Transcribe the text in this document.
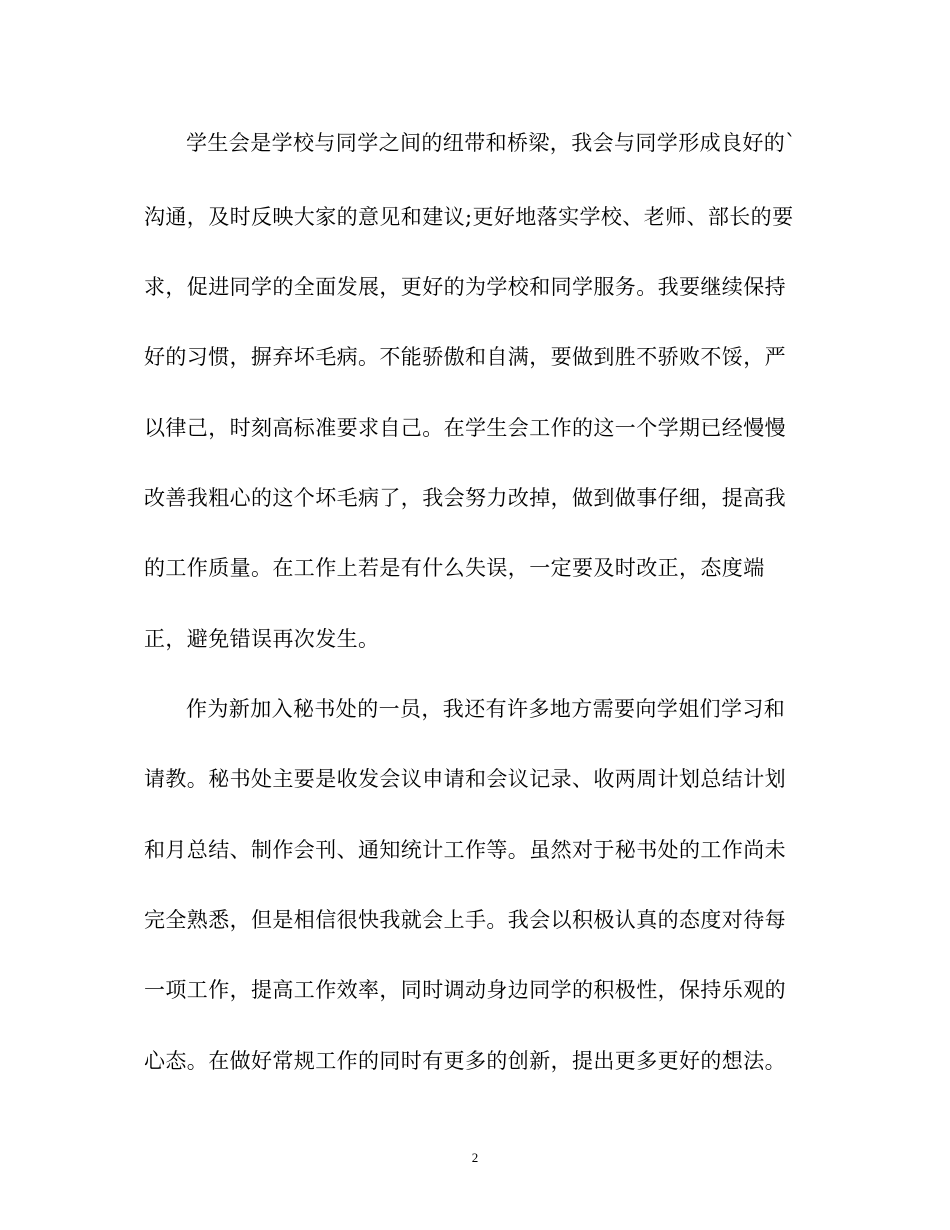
学生会是学校与同学之间的纽带和桥梁，我会与同学形成良好的`
沟通，及时反映大家的意见和建议;更好地落实学校、老师、部长的要
求，促进同学的全面发展，更好的为学校和同学服务。我要继续保持
好的习惯，摒弃坏毛病。不能骄傲和自满，要做到胜不骄败不馁，严
以律己，时刻高标准要求自己。在学生会工作的这一个学期已经慢慢
改善我粗心的这个坏毛病了，我会努力改掉，做到做事仔细，提高我
的工作质量。在工作上若是有什么失误，一定要及时改正，态度端
正，避免错误再次发生。
作为新加入秘书处的一员，我还有许多地方需要向学姐们学习和
请教。秘书处主要是收发会议申请和会议记录、收两周计划总结计划
和月总结、制作会刊、通知统计工作等。虽然对于秘书处的工作尚未
完全熟悉，但是相信很快我就会上手。我会以积极认真的态度对待每
一项工作，提高工作效率，同时调动身边同学的积极性，保持乐观的
心态。在做好常规工作的同时有更多的创新，提出更多更好的想法。
2
